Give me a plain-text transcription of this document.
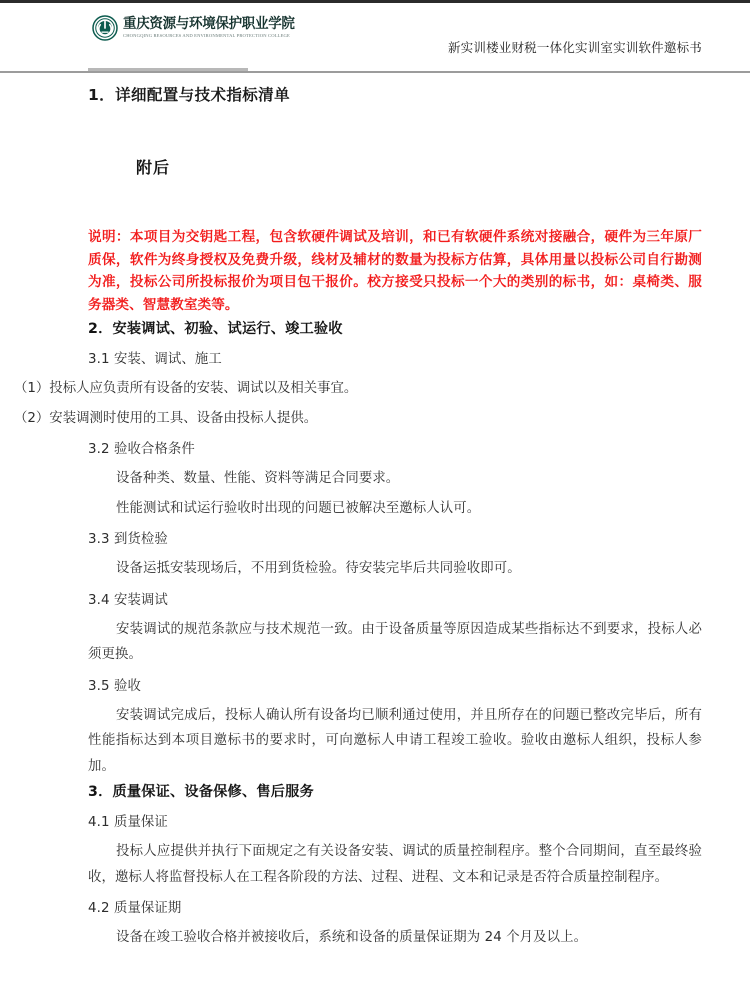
重庆资源与环境保护职业学院
CHONGQING RESOURCES AND ENVIRONMENTAL PROTECTION COLLEGE
新实训楼业财税一体化实训室实训软件邀标书
1．详细配置与技术指标清单
附后
说明：本项目为交钥匙工程，包含软硬件调试及培训，和已有软硬件系统对接融合，硬件为三年原厂质保，软件为终身授权及免费升级，线材及辅材的数量为投标方估算，具体用量以投标公司自行勘测为准，投标公司所投标报价为项目包干报价。校方接受只投标一个大的类别的标书，如：桌椅类、服务器类、智慧教室类等。
2．安装调试、初验、试运行、竣工验收
3.1 安装、调试、施工
（1）投标人应负责所有设备的安装、调试以及相关事宜。
（2）安装调测时使用的工具、设备由投标人提供。
3.2 验收合格条件
设备种类、数量、性能、资料等满足合同要求。
性能测试和试运行验收时出现的问题已被解决至邀标人认可。
3.3 到货检验
设备运抵安装现场后，不用到货检验。待安装完毕后共同验收即可。
3.4 安装调试
安装调试的规范条款应与技术规范一致。由于设备质量等原因造成某些指标达不到要求，投标人必须更换。
3.5 验收
安装调试完成后，投标人确认所有设备均已顺利通过使用，并且所存在的问题已整改完毕后，所有性能指标达到本项目邀标书的要求时，可向邀标人申请工程竣工验收。验收由邀标人组织，投标人参加。
3．质量保证、设备保修、售后服务
4.1 质量保证
投标人应提供并执行下面规定之有关设备安装、调试的质量控制程序。整个合同期间，直至最终验收，邀标人将监督投标人在工程各阶段的方法、过程、进程、文本和记录是否符合质量控制程序。
4.2 质量保证期
设备在竣工验收合格并被接收后，系统和设备的质量保证期为 24 个月及以上。
